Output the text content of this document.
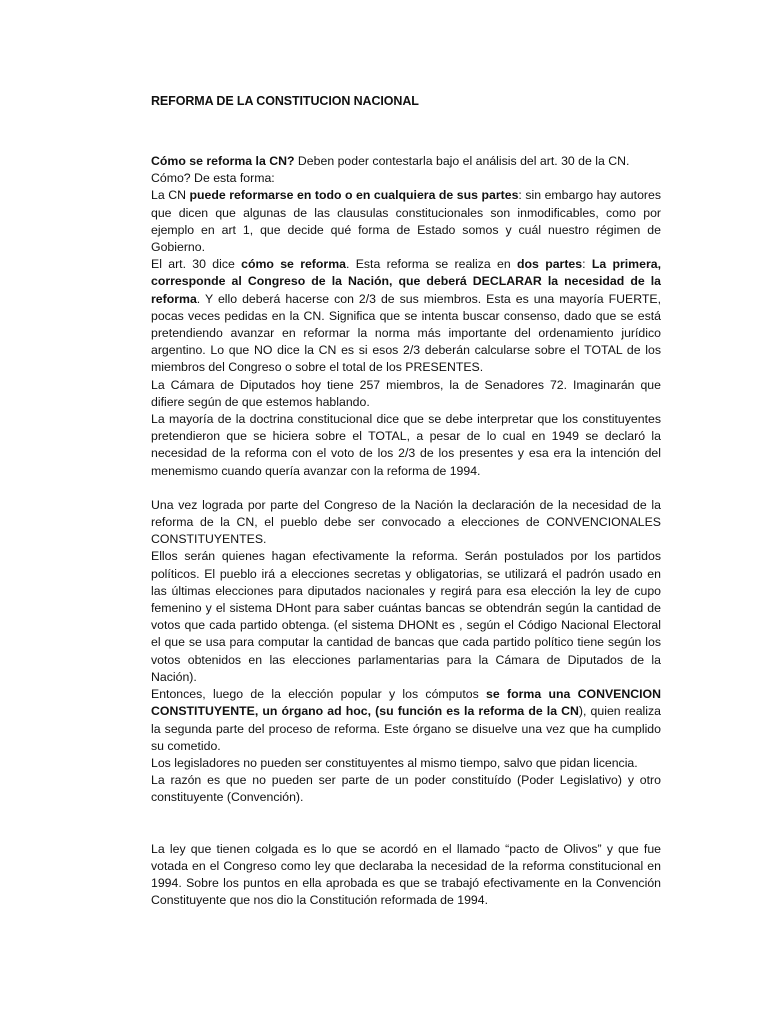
REFORMA DE LA CONSTITUCION NACIONAL

Cómo se reforma la CN? Deben poder contestarla bajo el análisis del art. 30 de la CN.

Cómo? De esta forma:

La CN puede reformarse en todo o en cualquiera de sus partes: sin embargo hay autores que dicen que algunas de las clausulas constitucionales son inmodificables, como por ejemplo en art 1, que decide qué forma de Estado somos y cuál nuestro régimen de Gobierno.

El art. 30 dice cómo se reforma. Esta reforma se realiza en dos partes: La primera, corresponde al Congreso de la Nación, que deberá DECLARAR la necesidad de la reforma. Y ello deberá hacerse con 2/3 de sus miembros. Esta es una mayoría FUERTE, pocas veces pedidas en la CN. Significa que se intenta buscar consenso, dado que se está pretendiendo avanzar en reformar la norma más importante del ordenamiento jurídico argentino. Lo que NO dice la CN es si esos 2/3 deberán calcularse sobre el TOTAL de los miembros del Congreso o sobre el total de los PRESENTES.

La Cámara de Diputados hoy tiene 257 miembros, la de Senadores 72. Imaginarán que difiere según de que estemos hablando.

La mayoría de la doctrina constitucional dice que se debe interpretar que los constituyentes pretendieron que se hiciera sobre el TOTAL, a pesar de lo cual en 1949 se declaró la necesidad de la reforma con el voto de los 2/3 de los presentes y esa era la intención del menemismo cuando quería avanzar con la reforma de 1994.

Una vez lograda por parte del Congreso de la Nación la declaración de la necesidad de la reforma de la CN, el pueblo debe ser convocado a elecciones de CONVENCIONALES CONSTITUYENTES.

Ellos serán quienes hagan efectivamente la reforma. Serán postulados por los partidos políticos. El pueblo irá a elecciones secretas y obligatorias, se utilizará el padrón usado en las últimas elecciones para diputados nacionales y regirá para esa elección la ley de cupo femenino y el sistema DHont para saber cuántas bancas se obtendrán según la cantidad de votos que cada partido obtenga. (el sistema DHONt es , según el Código Nacional Electoral el que se usa para computar la cantidad de bancas que cada partido político tiene según los votos obtenidos en las elecciones parlamentarias para la Cámara de Diputados de la Nación).

Entonces, luego de la elección popular y los cómputos se forma una CONVENCION CONSTITUYENTE, un órgano ad hoc, (su función es la reforma de la CN), quien realiza la segunda parte del proceso de reforma. Este órgano se disuelve una vez que ha cumplido su cometido.

Los legisladores no pueden ser constituyentes al mismo tiempo, salvo que pidan licencia.

La razón es que no pueden ser parte de un poder constituído (Poder Legislativo) y otro constituyente (Convención).

La ley que tienen colgada es lo que se acordó en el llamado “pacto de Olivos” y que fue votada en el Congreso como ley que declaraba la necesidad de la reforma constitucional en 1994. Sobre los puntos en ella aprobada es que se trabajó efectivamente en la Convención Constituyente que nos dio la Constitución reformada de 1994.
